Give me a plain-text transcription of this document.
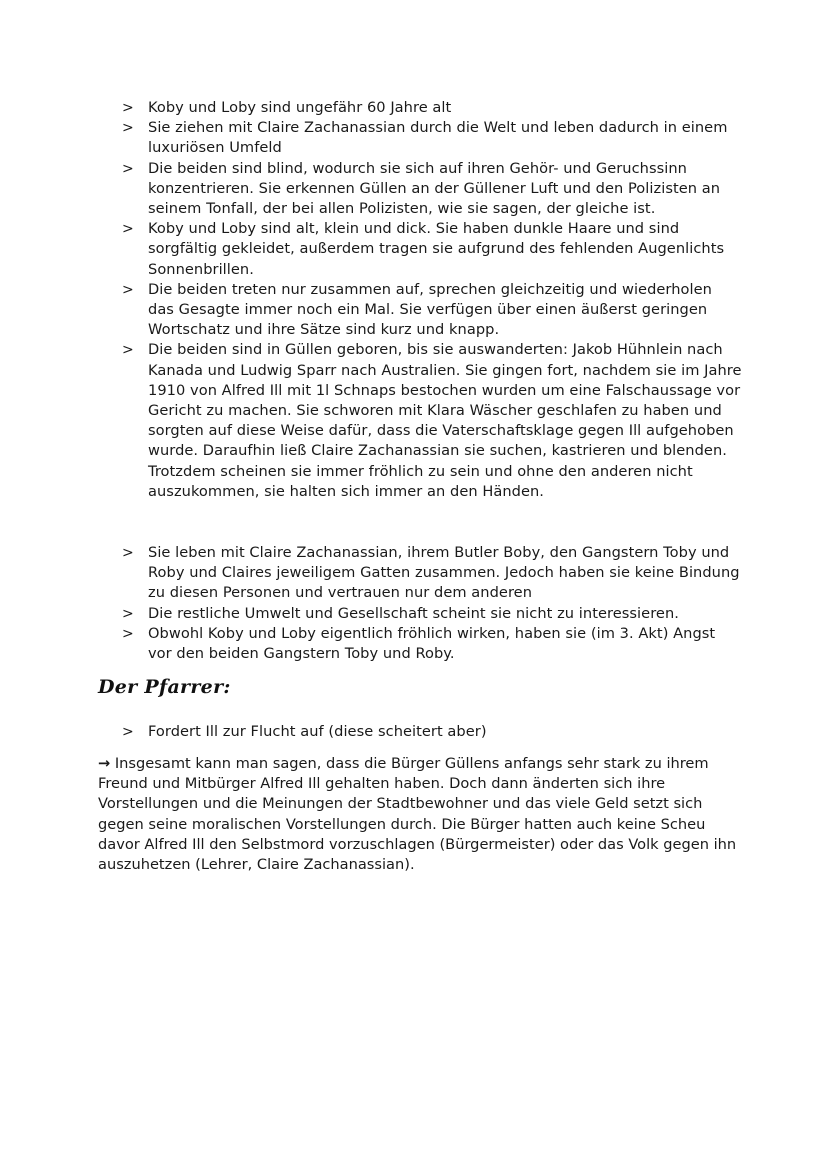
> Koby und Loby sind ungefähr 60 Jahre alt
> Sie ziehen mit Claire Zachanassian durch die Welt und leben dadurch in einem luxuriösen Umfeld
> Die beiden sind blind, wodurch sie sich auf ihren Gehör- und Geruchssinn konzentrieren. Sie erkennen Güllen an der Güllener Luft und den Polizisten an seinem Tonfall, der bei allen Polizisten, wie sie sagen, der gleiche ist.
> Koby und Loby sind alt, klein und dick. Sie haben dunkle Haare und sind sorgfältig gekleidet, außerdem tragen sie aufgrund des fehlenden Augenlichts Sonnenbrillen.
> Die beiden treten nur zusammen auf, sprechen gleichzeitig und wiederholen das Gesagte immer noch ein Mal. Sie verfügen über einen äußerst geringen Wortschatz und ihre Sätze sind kurz und knapp.
> Die beiden sind in Güllen geboren, bis sie auswanderten: Jakob Hühnlein nach Kanada und Ludwig Sparr nach Australien. Sie gingen fort, nachdem sie im Jahre 1910 von Alfred Ill mit 1l Schnaps bestochen wurden um eine Falschaussage vor Gericht zu machen. Sie schworen mit Klara Wäscher geschlafen zu haben und sorgten auf diese Weise dafür, dass die Vaterschaftsklage gegen Ill aufgehoben wurde. Daraufhin ließ Claire Zachanassian sie suchen, kastrieren und blenden. Trotzdem scheinen sie immer fröhlich zu sein und ohne den anderen nicht auszukommen, sie halten sich immer an den Händen.
> Sie leben mit Claire Zachanassian, ihrem Butler Boby, den Gangstern Toby und Roby und Claires jeweiligem Gatten zusammen. Jedoch haben sie keine Bindung zu diesen Personen und vertrauen nur dem anderen
> Die restliche Umwelt und Gesellschaft scheint sie nicht zu interessieren.
> Obwohl Koby und Loby eigentlich fröhlich wirken, haben sie (im 3. Akt) Angst vor den beiden Gangstern Toby und Roby.
Der Pfarrer:
> Fordert Ill zur Flucht auf (diese scheitert aber)

→ Insgesamt kann man sagen, dass die Bürger Güllens anfangs sehr stark zu ihrem Freund und Mitbürger Alfred Ill gehalten haben. Doch dann änderten sich ihre Vorstellungen und die Meinungen der Stadtbewohner und das viele Geld setzt sich gegen seine moralischen Vorstellungen durch. Die Bürger hatten auch keine Scheu davor Alfred Ill den Selbstmord vorzuschlagen (Bürgermeister) oder das Volk gegen ihn auszuhetzen (Lehrer, Claire Zachanassian).
